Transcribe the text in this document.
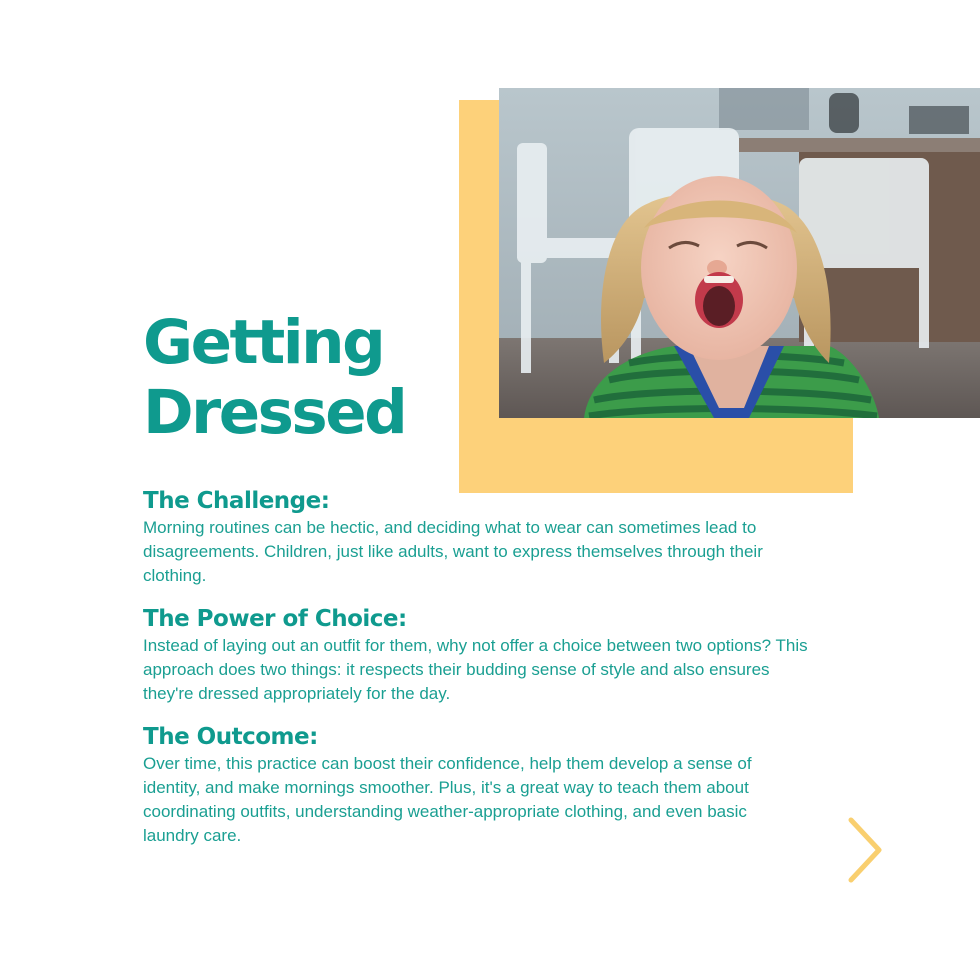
Getting
Dressed
The Challenge:

Morning routines can be hectic, and deciding what to wear can sometimes lead to disagreements. Children, just like adults, want to express themselves through their clothing.

The Power of Choice:

Instead of laying out an outfit for them, why not offer a choice between two options? This approach does two things: it respects their budding sense of style and also ensures they're dressed appropriately for the day.

The Outcome:

Over time, this practice can boost their confidence, help them develop a sense of identity, and make mornings smoother. Plus, it's a great way to teach them about coordinating outfits, understanding weather-appropriate clothing, and even basic laundry care.
